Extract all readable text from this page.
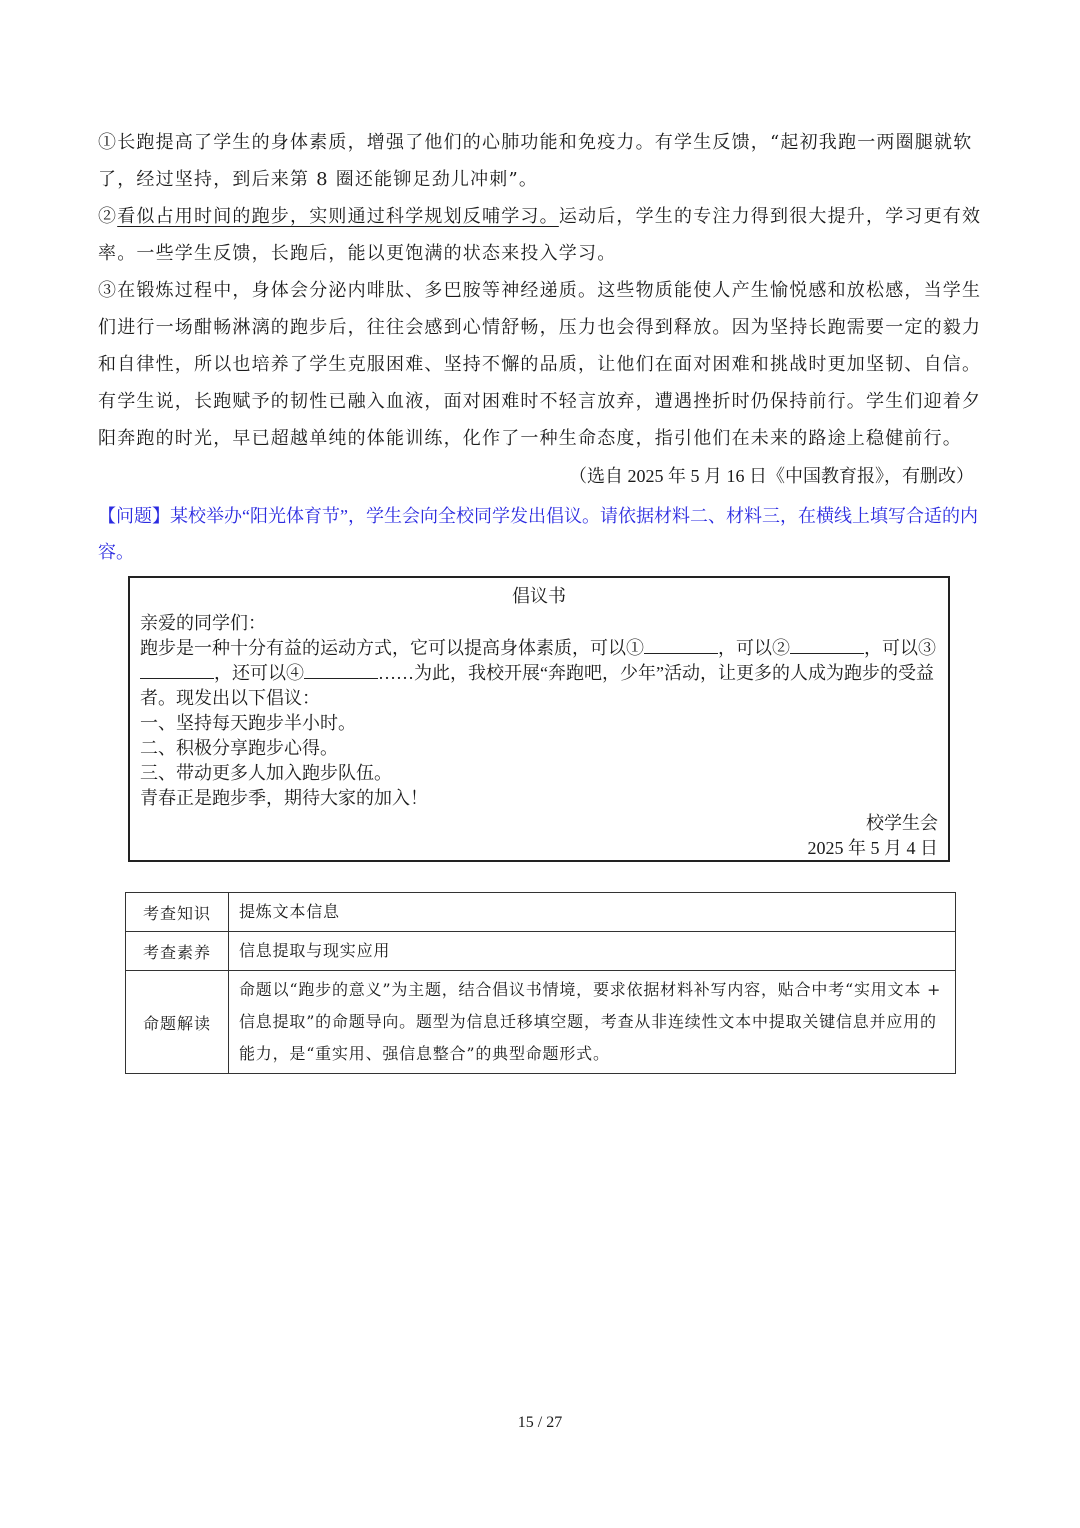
①长跑提高了学生的身体素质，增强了他们的心肺功能和免疫力。有学生反馈，“起初我跑一两圈腿就软了，经过坚持，到后来第 8 圈还能铆足劲儿冲刺”。
②看似占用时间的跑步，实则通过科学规划反哺学习。运动后，学生的专注力得到很大提升，学习更有效率。一些学生反馈，长跑后，能以更饱满的状态来投入学习。
③在锻炼过程中，身体会分泌内啡肽、多巴胺等神经递质。这些物质能使人产生愉悦感和放松感，当学生们进行一场酣畅淋漓的跑步后，往往会感到心情舒畅，压力也会得到释放。因为坚持长跑需要一定的毅力和自律性，所以也培养了学生克服困难、坚持不懈的品质，让他们在面对困难和挑战时更加坚韧、自信。有学生说，长跑赋予的韧性已融入血液，面对困难时不轻言放弃，遭遇挫折时仍保持前行。学生们迎着夕阳奔跑的时光，早已超越单纯的体能训练，化作了一种生命态度，指引他们在未来的路途上稳健前行。
（选自 2025 年 5 月 16 日《中国教育报》，有删改）
【问题】某校举办“阳光体育节”，学生会向全校同学发出倡议。请依据材料二、材料三，在横线上填写合适的内容。
倡议书
亲爱的同学们：
跑步是一种十分有益的运动方式，它可以提高身体素质，可以①	，可以②	，可以③，还可以④	……为此，我校开展“奔跑吧，少年”活动，让更多的人成为跑步的受益者。现发出以下倡议：
一、坚持每天跑步半小时。
二、积极分享跑步心得。
三、带动更多人加入跑步队伍。
青春正是跑步季，期待大家的加入！
校学生会
2025 年 5 月 4 日
考查知识	提炼文本信息
考查素养	信息提取与现实应用
命题解读	命题以“跑步的意义”为主题，结合倡议书情境，要求依据材料补写内容，贴合中考“实用文本 + 信息提取”的命题导向。题型为信息迁移填空题，考查从非连续性文本中提取关键信息并应用的能力，是“重实用、强信息整合”的典型命题形式。
15 / 27
